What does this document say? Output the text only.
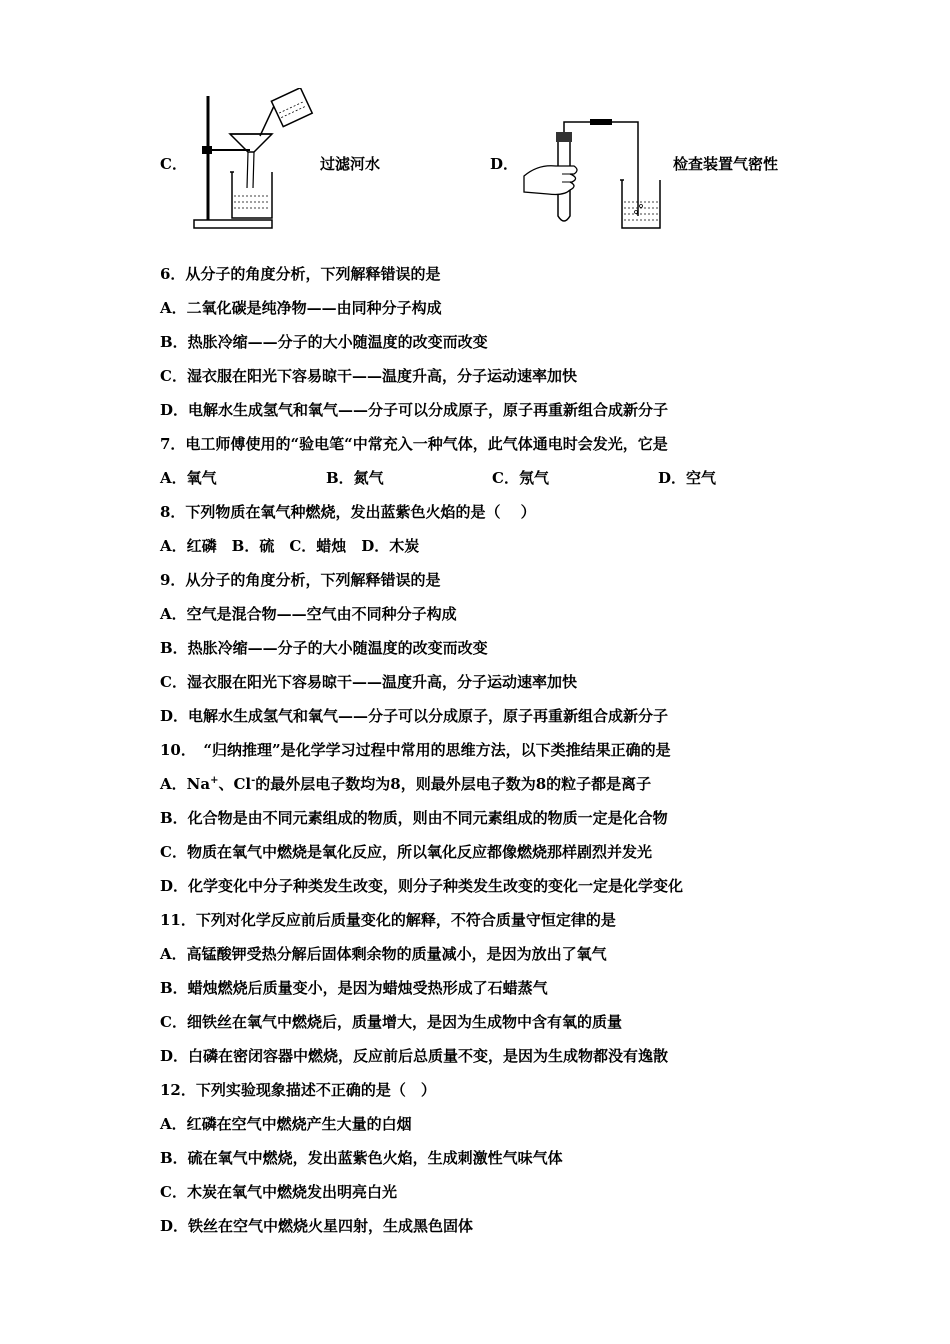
C．	过滤河水	D．	检查装置气密性
6．从分子的角度分析，下列解释错误的是
A．二氧化碳是纯净物——由同种分子构成
B．热胀冷缩——分子的大小随温度的改变而改变
C．湿衣服在阳光下容易晾干——温度升高，分子运动速率加快
D．电解水生成氢气和氧气——分子可以分成原子，原子再重新组合成新分子
7．电工师傅使用的“验电笔“中常充入一种气体，此气体通电时会发光，它是
A．氧气	B．氮气	C．氖气	D．空气
8．下列物质在氧气种燃烧，发出蓝紫色火焰的是（　 ）
A．红磷　B．硫　C．蜡烛　D．木炭
9．从分子的角度分析，下列解释错误的是
A．空气是混合物——空气由不同种分子构成
B．热胀冷缩——分子的大小随温度的改变而改变
C．湿衣服在阳光下容易晾干——温度升高，分子运动速率加快
D．电解水生成氢气和氧气——分子可以分成原子，原子再重新组合成新分子
10．　“归纳推理”是化学学习过程中常用的思维方法，以下类推结果正确的是
A．Na+、Cl-的最外层电子数均为8，则最外层电子数为8的粒子都是离子
B．化合物是由不同元素组成的物质，则由不同元素组成的物质一定是化合物
C．物质在氧气中燃烧是氧化反应，所以氧化反应都像燃烧那样剧烈并发光
D．化学变化中分子种类发生改变，则分子种类发生改变的变化一定是化学变化
11．下列对化学反应前后质量变化的解释，不符合质量守恒定律的是
A．高锰酸钾受热分解后固体剩余物的质量减小，是因为放出了氧气
B．蜡烛燃烧后质量变小，是因为蜡烛受热形成了石蜡蒸气
C．细铁丝在氧气中燃烧后，质量增大，是因为生成物中含有氧的质量
D．白磷在密闭容器中燃烧，反应前后总质量不变，是因为生成物都没有逸散
12．下列实验现象描述不正确的是（　）
A．红磷在空气中燃烧产生大量的白烟
B．硫在氧气中燃烧，发出蓝紫色火焰，生成刺激性气味气体
C．木炭在氧气中燃烧发出明亮白光
D．铁丝在空气中燃烧火星四射，生成黑色固体
